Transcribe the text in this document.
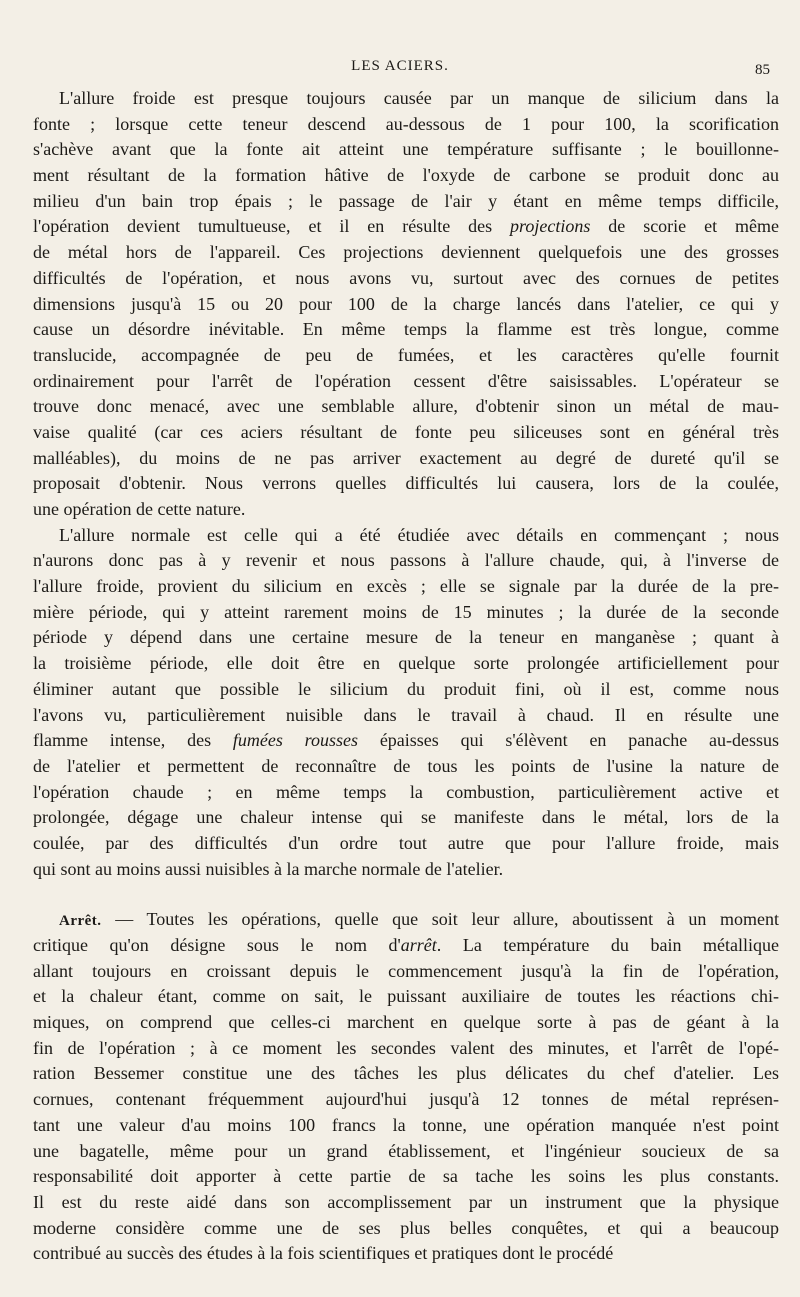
LES ACIERS.	85
L'allure froide est presque toujours causée par un manque de silicium dans la
fonte ; lorsque cette teneur descend au-dessous de 1 pour 100, la scorification
s'achève avant que la fonte ait atteint une température suffisante ; le bouillonne-
ment résultant de la formation hâtive de l'oxyde de carbone se produit donc au
milieu d'un bain trop épais ; le passage de l'air y étant en même temps difficile,
l'opération devient tumultueuse, et il en résulte des projections de scorie et même
de métal hors de l'appareil. Ces projections deviennent quelquefois une des grosses
difficultés de l'opération, et nous avons vu, surtout avec des cornues de petites
dimensions jusqu'à 15 ou 20 pour 100 de la charge lancés dans l'atelier, ce qui y
cause un désordre inévitable. En même temps la flamme est très longue, comme
translucide, accompagnée de peu de fumées, et les caractères qu'elle fournit
ordinairement pour l'arrêt de l'opération cessent d'être saisissables. L'opérateur se
trouve donc menacé, avec une semblable allure, d'obtenir sinon un métal de mau-
vaise qualité (car ces aciers résultant de fonte peu siliceuses sont en général très
malléables), du moins de ne pas arriver exactement au degré de dureté qu'il se
proposait d'obtenir. Nous verrons quelles difficultés lui causera, lors de la coulée,
une opération de cette nature.
L'allure normale est celle qui a été étudiée avec détails en commençant ; nous
n'aurons donc pas à y revenir et nous passons à l'allure chaude, qui, à l'inverse de
l'allure froide, provient du silicium en excès ; elle se signale par la durée de la pre-
mière période, qui y atteint rarement moins de 15 minutes ; la durée de la seconde
période y dépend dans une certaine mesure de la teneur en manganèse ; quant à
la troisième période, elle doit être en quelque sorte prolongée artificiellement pour
éliminer autant que possible le silicium du produit fini, où il est, comme nous
l'avons vu, particulièrement nuisible dans le travail à chaud. Il en résulte une
flamme intense, des fumées rousses épaisses qui s'élèvent en panache au-dessus
de l'atelier et permettent de reconnaître de tous les points de l'usine la nature de
l'opération chaude ; en même temps la combustion, particulièrement active et
prolongée, dégage une chaleur intense qui se manifeste dans le métal, lors de la
coulée, par des difficultés d'un ordre tout autre que pour l'allure froide, mais
qui sont au moins aussi nuisibles à la marche normale de l'atelier.
Arrêt. — Toutes les opérations, quelle que soit leur allure, aboutissent à un moment
critique qu'on désigne sous le nom d'arrêt. La température du bain métallique
allant toujours en croissant depuis le commencement jusqu'à la fin de l'opération,
et la chaleur étant, comme on sait, le puissant auxiliaire de toutes les réactions chi-
miques, on comprend que celles-ci marchent en quelque sorte à pas de géant à la
fin de l'opération ; à ce moment les secondes valent des minutes, et l'arrêt de l'opé-
ration Bessemer constitue une des tâches les plus délicates du chef d'atelier. Les
cornues, contenant fréquemment aujourd'hui jusqu'à 12 tonnes de métal représen-
tant une valeur d'au moins 100 francs la tonne, une opération manquée n'est point
une bagatelle, même pour un grand établissement, et l'ingénieur soucieux de sa
responsabilité doit apporter à cette partie de sa tache les soins les plus constants.
Il est du reste aidé dans son accomplissement par un instrument que la physique
moderne considère comme une de ses plus belles conquêtes, et qui a beaucoup
contribué au succès des études à la fois scientifiques et pratiques dont le procédé
